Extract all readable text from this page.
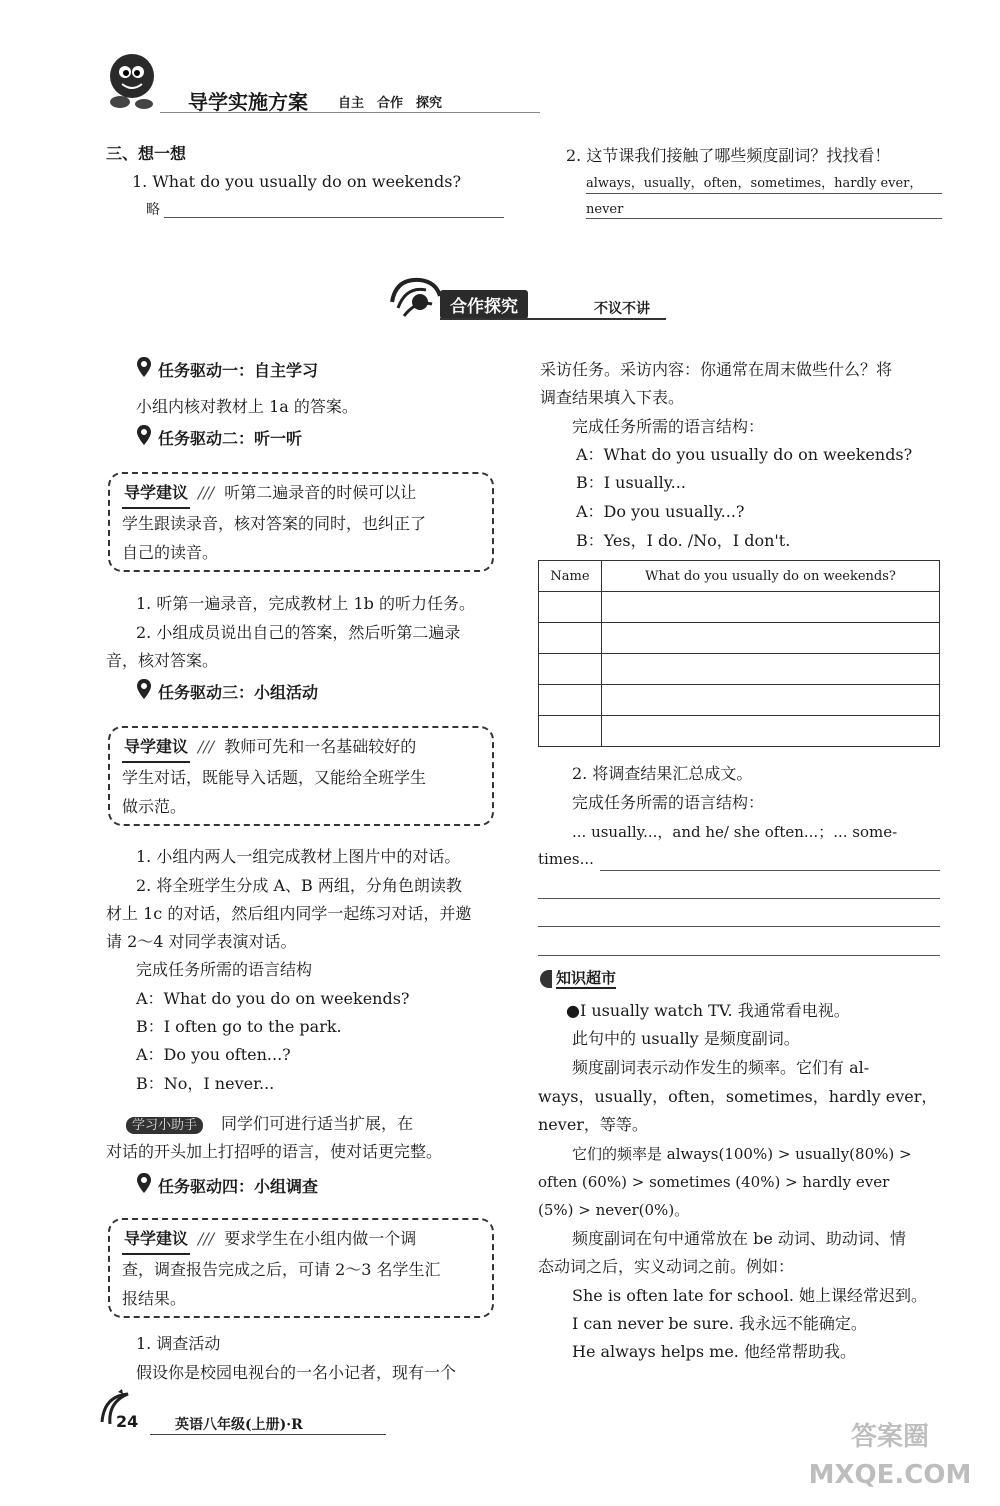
导学实施方案 自主　合作　探究
三、想一想
1. What do you usually do on weekends?
略
2. 这节课我们接触了哪些频度副词？找找看！
always，usually，often，sometimes，hardly ever，
never
合作探究	不议不讲
任务驱动一：自主学习
小组内核对教材上 1a 的答案。
任务驱动二：听一听
导学建议 /// 听第二遍录音的时候可以让
学生跟读录音，核对答案的同时，也纠正了
自己的读音。
1. 听第一遍录音，完成教材上 1b 的听力任务。
2. 小组成员说出自己的答案，然后听第二遍录
音，核对答案。
任务驱动三：小组活动
导学建议 /// 教师可先和一名基础较好的
学生对话，既能导入话题，又能给全班学生
做示范。
1. 小组内两人一组完成教材上图片中的对话。
2. 将全班学生分成 A、B 两组，分角色朗读教
材上 1c 的对话，然后组内同学一起练习对话，并邀
请 2～4 对同学表演对话。
完成任务所需的语言结构
A：What do you do on weekends?
B：I often go to the park.
A：Do you often...?
B：No，I never...
学习小助手 同学们可进行适当扩展，在
对话的开头加上打招呼的语言，使对话更完整。
任务驱动四：小组调查
导学建议 /// 要求学生在小组内做一个调
查，调查报告完成之后，可请 2～3 名学生汇
报结果。
1. 调查活动
假设你是校园电视台的一名小记者，现有一个
采访任务。采访内容：你通常在周末做些什么？将
调查结果填入下表。
完成任务所需的语言结构：
A：What do you usually do on weekends?
B：I usually...
A：Do you usually...?
B：Yes，I do. /No，I don't.
Name	What do you usually do on weekends?

2. 将调查结果汇总成文。
完成任务所需的语言结构：
... usually...，and he/ she often...；... some-
times...
知识超市
●I usually watch TV. 我通常看电视。
此句中的 usually 是频度副词。
频度副词表示动作发生的频率。它们有 al-
ways，usually，often，sometimes，hardly ever，
never，等等。
它们的频率是 always(100%) > usually(80%) >
often (60%) > sometimes (40%) > hardly ever
(5%) > never(0%)。
频度副词在句中通常放在 be 动词、助动词、情
态动词之后，实义动词之前。例如：
She is often late for school. 她上课经常迟到。
I can never be sure. 我永远不能确定。
He always helps me. 他经常帮助我。
24	英语八年级(上册)·R	答案圈 MXQE.COM
